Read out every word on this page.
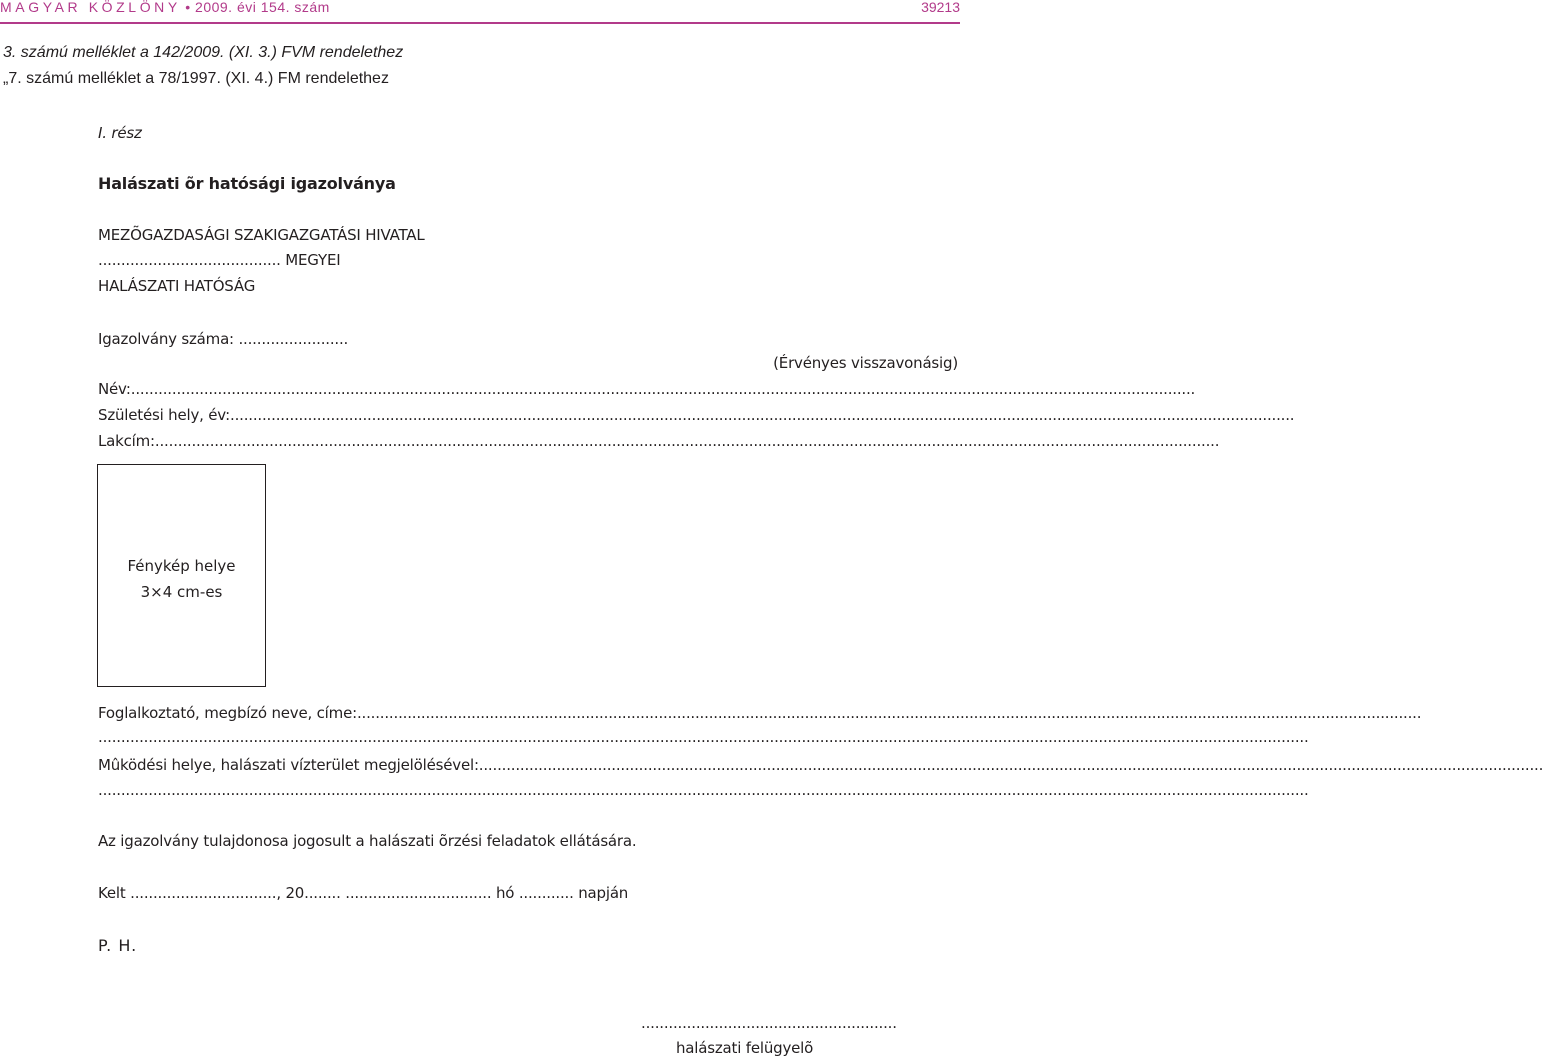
MAGYAR KÖZLÖNY • 2009. évi 154. szám	39213
3. számú melléklet a 142/2009. (XI. 3.) FVM rendelethez
„7. számú melléklet a 78/1997. (XI. 4.) FM rendelethez
I. rész
Halászati õr hatósági igazolványa
MEZÕGAZDASÁGI SZAKIGAZGATÁSI HIVATAL
........................................ MEGYEI
HALÁSZATI HATÓSÁG
Igazolvány száma: ........................
(Érvényes visszavonásig)
Név:.........................................................................................................................................................................................................................................
Születési hely, év:.........................................................................................................................................................................................................................................
Lakcím:.........................................................................................................................................................................................................................................
Fénykép helye
3×4 cm-es
Foglalkoztató, megbízó neve, címe:.........................................................................................................................................................................................................................................
.........................................................................................................................................................................................................................................................................
Mûködési helye, halászati vízterület megjelölésével:.........................................................................................................................................................................................................................................
.........................................................................................................................................................................................................................................................................
Az igazolvány tulajdonosa jogosult a halászati õrzési feladatok ellátására.
Kelt ................................, 20........ ................................ hó ............ napján
P. H.
........................................................
halászati felügyelõ
